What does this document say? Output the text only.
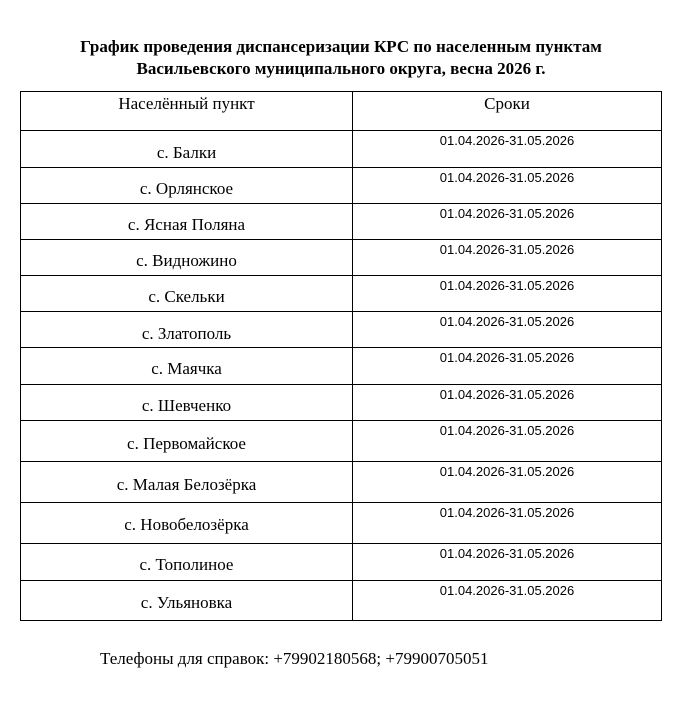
График проведения диспансеризации КРС по населенным пунктам
Васильевского муниципального округа, весна 2026 г.
Населённый пункт	Сроки

с. Балки	01.04.2026-31.05.2026

с. Орлянское	01.04.2026-31.05.2026

с. Ясная Поляна	01.04.2026-31.05.2026

с. Видножино	01.04.2026-31.05.2026

с. Скельки	01.04.2026-31.05.2026

с. Златополь	01.04.2026-31.05.2026

с. Маячка	01.04.2026-31.05.2026

с. Шевченко	01.04.2026-31.05.2026

с. Первомайское	01.04.2026-31.05.2026

с. Малая Белозёрка	01.04.2026-31.05.2026

с. Новобелозёрка	01.04.2026-31.05.2026

с. Тополиное	01.04.2026-31.05.2026

с. Ульяновка	01.04.2026-31.05.2026
Телефоны для справок: +79902180568; +79900705051
